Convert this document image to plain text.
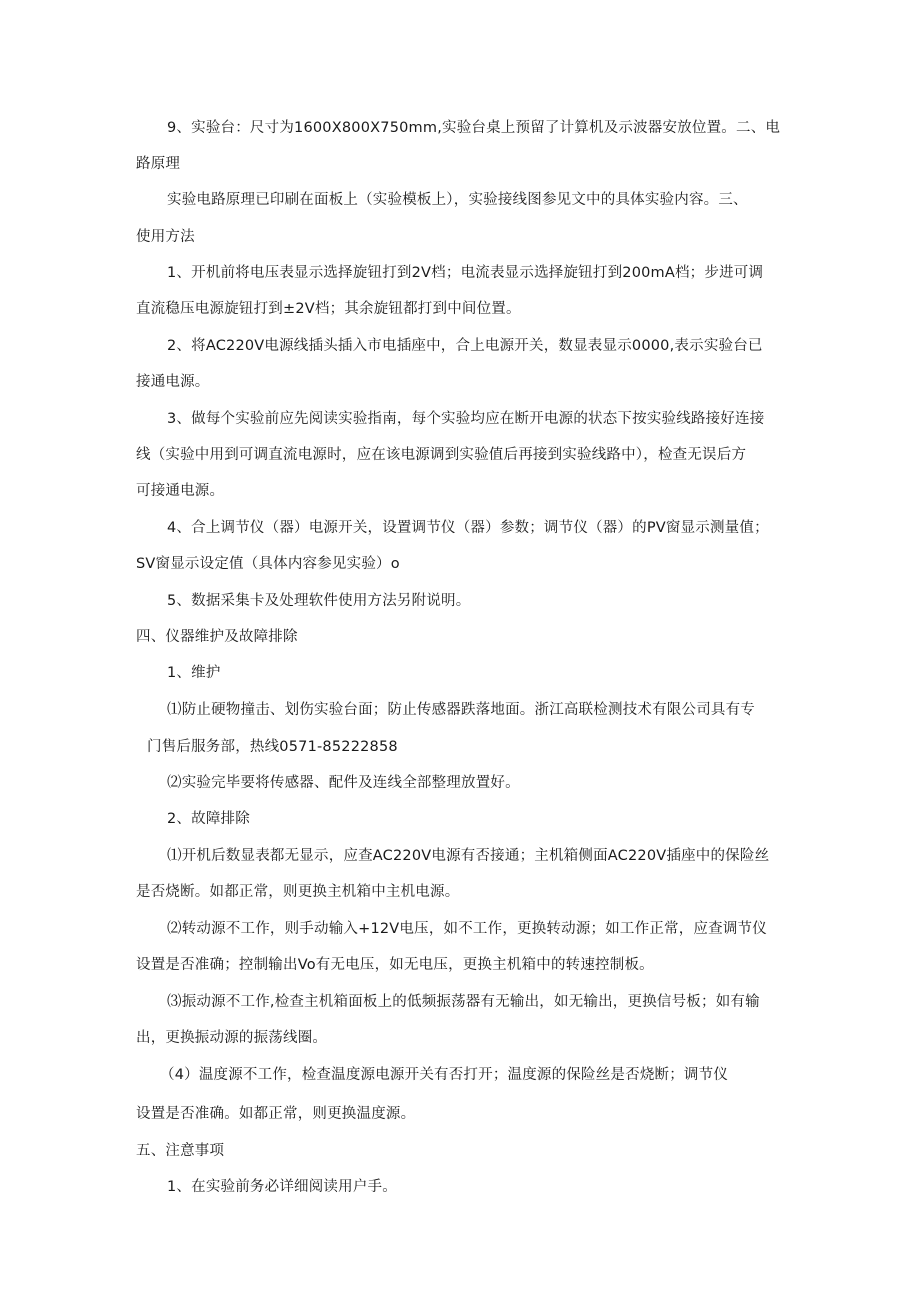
9、实验台：尺寸为1600X800X750mm,实验台桌上预留了计算机及示波器安放位置。二、电
路原理
实验电路原理已印刷在面板上（实验模板上），实验接线图参见文中的具体实验内容。三、
使用方法
1、开机前将电压表显示选择旋钮打到2V档；电流表显示选择旋钮打到200mA档；步进可调
直流稳压电源旋钮打到±2V档；其余旋钮都打到中间位置。
2、将AC220V电源线插头插入市电插座中，合上电源开关，数显表显示0000,表示实验台已
接通电源。
3、做每个实验前应先阅读实验指南，每个实验均应在断开电源的状态下按实验线路接好连接
线（实验中用到可调直流电源时，应在该电源调到实验值后再接到实验线路中），检查无误后方
可接通电源。
4、合上调节仪（器）电源开关，设置调节仪（器）参数；调节仪（器）的PV窗显示测量值；
SV窗显示设定值（具体内容参见实验）o
5、数据采集卡及处理软件使用方法另附说明。
四、仪器维护及故障排除
1、维护
⑴防止硬物撞击、划伤实验台面；防止传感器跌落地面。浙江高联检测技术有限公司具有专
门售后服务部，热线0571-85222858
⑵实验完毕要将传感器、配件及连线全部整理放置好。
2、故障排除
⑴开机后数显表都无显示，应查AC220V电源有否接通；主机箱侧面AC220V插座中的保险丝
是否烧断。如都正常，则更换主机箱中主机电源。
⑵转动源不工作，则手动输入+12V电压，如不工作，更换转动源；如工作正常，应查调节仪
设置是否准确；控制输出Vo有无电压，如无电压，更换主机箱中的转速控制板。
⑶振动源不工作,检查主机箱面板上的低频振荡器有无输出，如无输出，更换信号板；如有输
出，更换振动源的振荡线圈。
（4）温度源不工作，检查温度源电源开关有否打开；温度源的保险丝是否烧断；调节仪
设置是否准确。如都正常，则更换温度源。
五、注意事项
1、在实验前务必详细阅读用户手。
